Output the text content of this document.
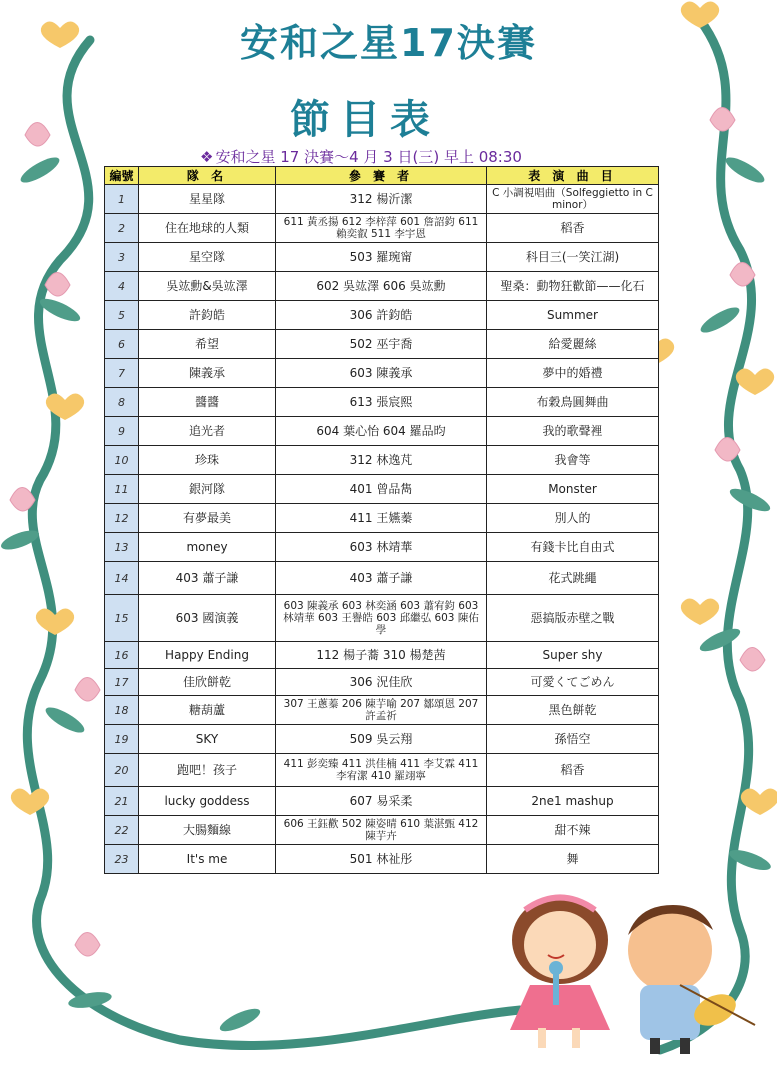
安和之星17決賽
節目表
❖ 安和之星 17 決賽～4 月 3 日(三) 早上 08:30
編號	隊 名	參 賽 者	表 演 曲 目
1	星星隊	312 楊沂潔	C 小調視唱曲（Solfeggietto in C minor）
2	住在地球的人類	611 黃丞揚 612 李梓萍 601 詹詔鈞 611 賴奕叡 511 李宇恩	稻香
3	星空隊	503 羅琬甯	科目三(一笑江湖)
4	吳竑勳&吳竑澤	602 吳竑澤 606 吳竑勳	聖桑：動物狂歡節——化石
5	許鈞皓	306 許鈞皓	Summer
6	希望	502 巫宇喬	給愛麗絲
7	陳義承	603 陳義承	夢中的婚禮
8	醬醬	613 張宸熙	布穀鳥圓舞曲
9	追光者	604 葉心怡 604 羅品昀	我的歌聲裡
10	珍珠	312 林逸芃	我會等
11	銀河隊	401 曾品雋	Monster
12	有夢最美	411 王嬿蓁	別人的
13	money	603 林靖華	有錢卡比自由式
14	403 蕭子謙	403 蕭子謙	花式跳繩
15	603 國演義	603 陳義承 603 林奕涵 603 蕭宥鈞 603 林靖華 603 王譽皓 603 邱繼弘 603 陳佑學	惡搞版赤壁之戰
16	Happy Ending	112 楊子蕎 310 楊楚茜	Super shy
17	佳欣餅乾	306 況佳欣	可愛くてごめん
18	糖葫蘆	307 王蔥蓁 206 陳芋喻 207 鄒頌恩 207 許孟祈	黑色餅乾
19	SKY	509 吳云翔	孫悟空
20	跑吧！孩子	411 彭奕臻 411 洪佳楠 411 李艾霖 411 李宥潔 410 羅翊寧	稻香
21	lucky goddess	607 易采柔	2ne1 mashup
22	大腸麵線	606 王鈺歡 502 陳姿晴 610 葉湛甄 412 陳芋卉	甜不辣
23	It's me	501 林祉彤	舞
